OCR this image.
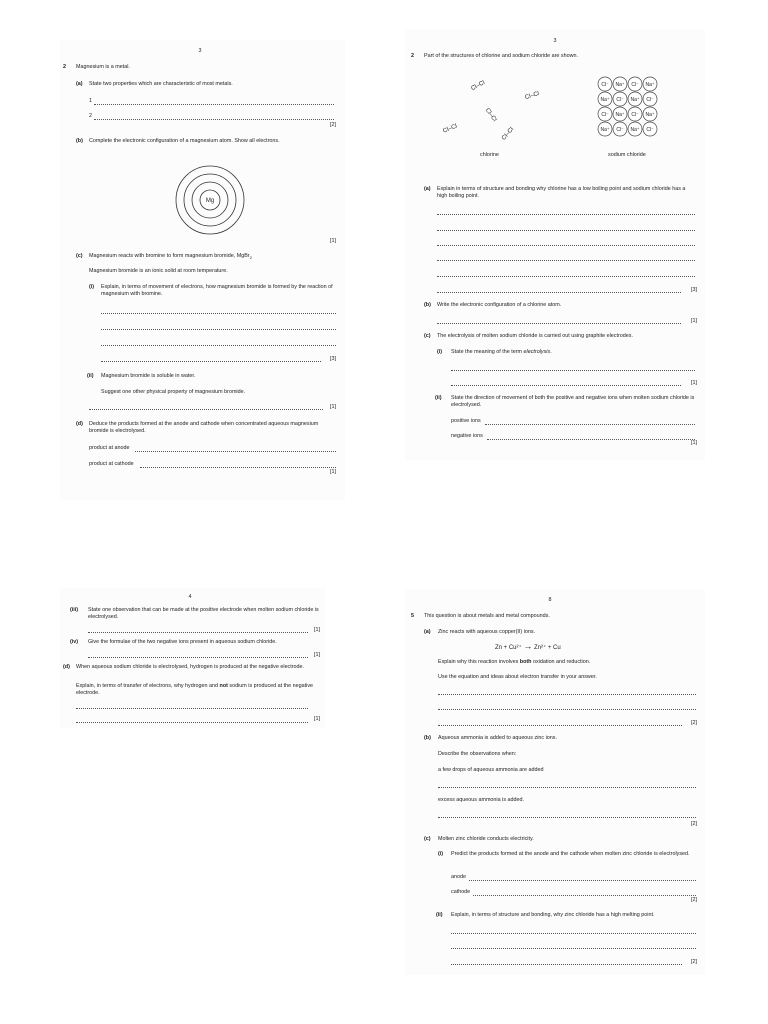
3
2 Magnesium is a metal.
(a) State two properties which are characteristic of most metals.
1
2
[2]
(b) Complete the electronic configuration of a magnesium atom. Show all electrons.
Mg
[1]
(c) Magnesium reacts with bromine to form magnesium bromide, MgBr$_2$
Magnesium bromide is an ionic solid at room temperature.
(i) Explain, in terms of movement of electrons, how magnesium bromide is formed by the reaction of magnesium with bromine.
[3]
(ii) Magnesium bromide is soluble in water.
Suggest one other physical property of magnesium bromide.
[1]
(d) Deduce the products formed at the anode and cathode when concentrated aqueous magnesium bromide is electrolysed.
product at anode
product at cathode
[1]
3
2 Part of the structures of chlorine and sodium chloride are shown.
Cl–Cl
Cl–Cl
Cl–Cl
Cl–Cl	Cl–Cl
chlorine
Cl⁻ Na⁺ Cl⁻ Na⁺
Na⁺ Cl⁻ Na⁺ Cl⁻
Cl⁻ Na⁺ Cl⁻ Na⁺
Na⁺ Cl⁻ Na⁺ Cl⁻
sodium chloride
(a) Explain in terms of structure and bonding why chlorine has a low boiling point and sodium chloride has a high boiling point.
[3]
(b) Write the electronic configuration of a chlorine atom.
[1]
(c) The electrolysis of molten sodium chloride is carried out using graphite electrodes.
(i) State the meaning of the term electrolysis.
[1]
(ii) State the direction of movement of both the positive and negative ions when molten sodium chloride is electrolysed.
positive ions
negative ions
[1]
4
(iii) State one observation that can be made at the positive electrode when molten sodium chloride is electrolysed.
[1]
(iv) Give the formulae of the two negative ions present in aqueous sodium chloride.
[1]
(d) When aqueous sodium chloride is electrolysed, hydrogen is produced at the negative electrode.
Explain, in terms of transfer of electrons, why hydrogen and not sodium is produced at the negative electrode.
[1]
8
5 This question is about metals and metal compounds.
(a) Zinc reacts with aqueous copper(II) ions.
Zn + Cu²⁺ → Zn²⁺ + Cu
Explain why this reaction involves both oxidation and reduction.
Use the equation and ideas about electron transfer in your answer.
[2]
(b) Aqueous ammonia is added to aqueous zinc ions.
Describe the observations when:
a few drops of aqueous ammonia are added
excess aqueous ammonia is added.
[2]
(c) Molten zinc chloride conducts electricity.
(i) Predict the products formed at the anode and the cathode when molten zinc chloride is electrolysed.
anode
cathode
[2]
(ii) Explain, in terms of structure and bonding, why zinc chloride has a high melting point.
[2]
